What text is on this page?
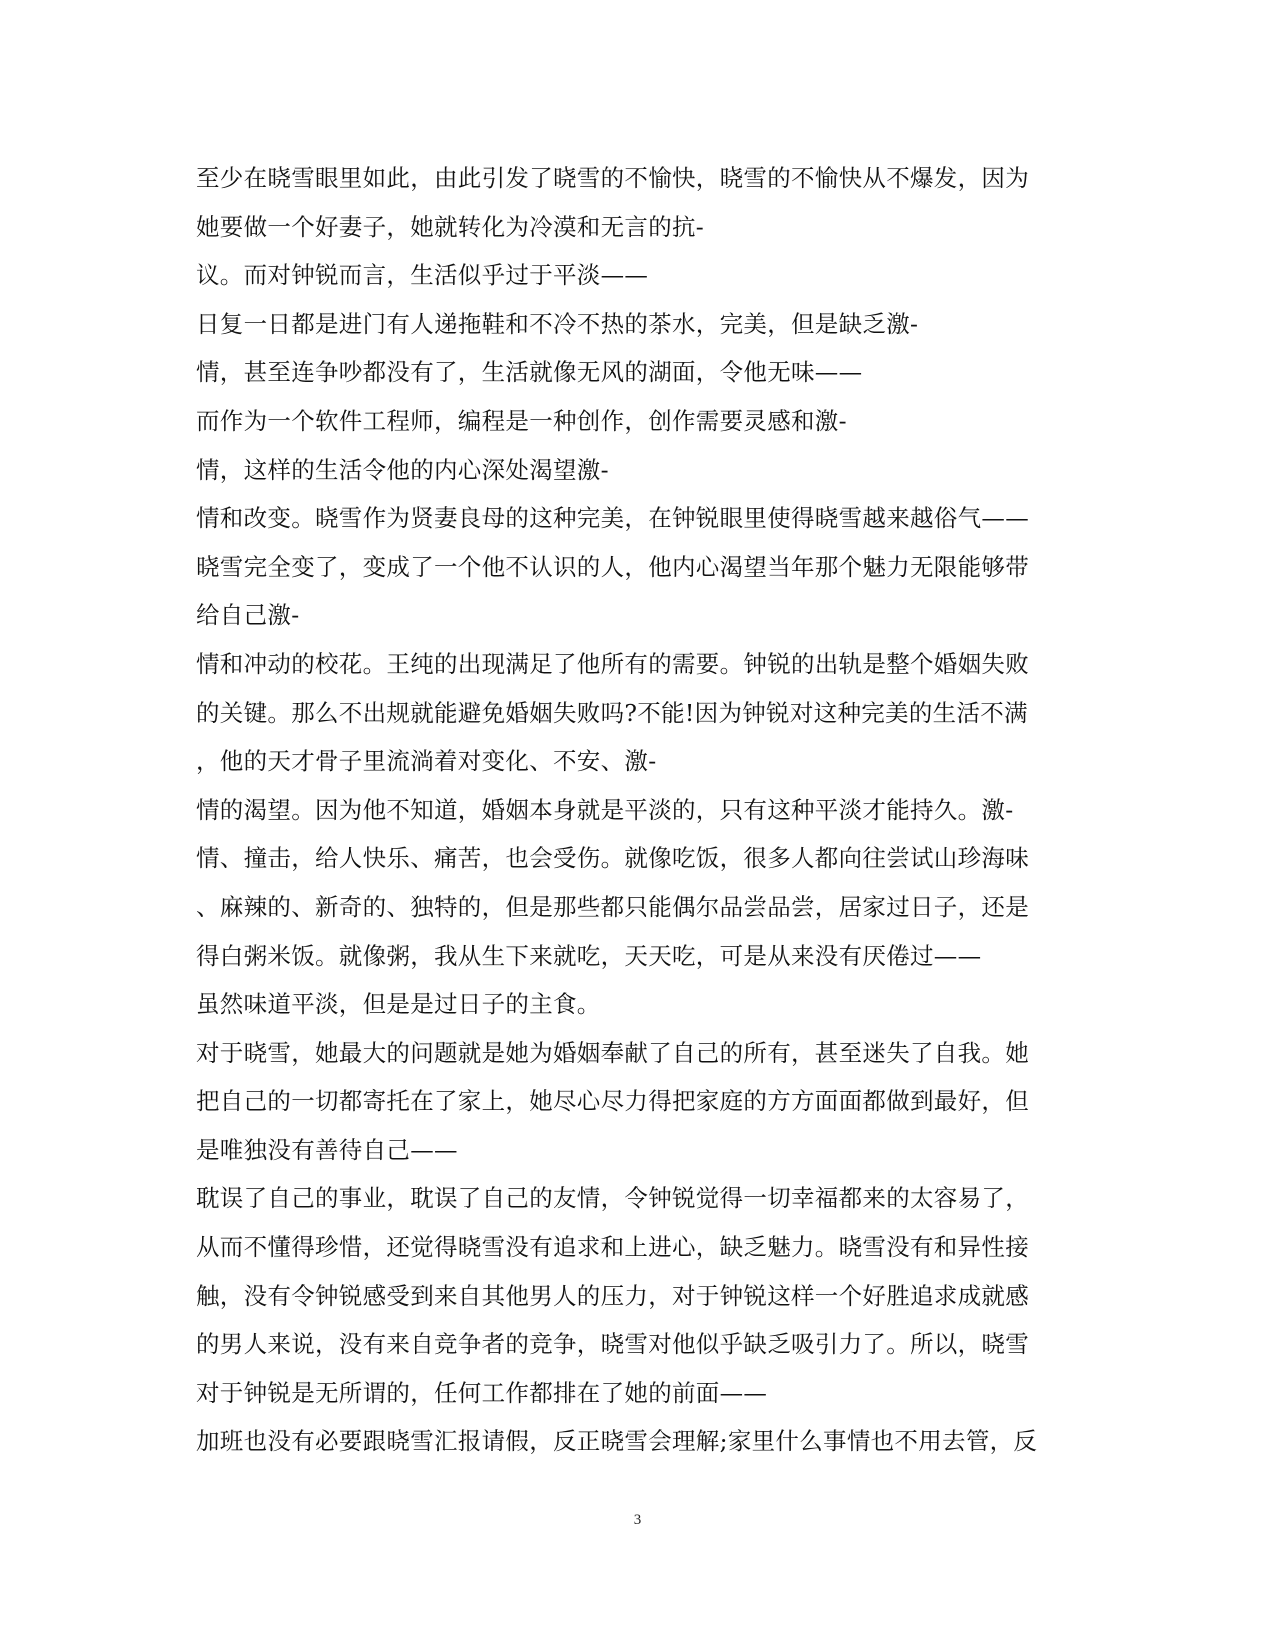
至少在晓雪眼里如此，由此引发了晓雪的不愉快，晓雪的不愉快从不爆发，因为
她要做一个好妻子，她就转化为冷漠和无言的抗-
议。而对钟锐而言，生活似乎过于平淡——
日复一日都是进门有人递拖鞋和不冷不热的茶水，完美，但是缺乏激-
情，甚至连争吵都没有了，生活就像无风的湖面，令他无味——
而作为一个软件工程师，编程是一种创作，创作需要灵感和激-
情，这样的生活令他的内心深处渴望激-
情和改变。晓雪作为贤妻良母的这种完美，在钟锐眼里使得晓雪越来越俗气——
晓雪完全变了，变成了一个他不认识的人，他内心渴望当年那个魅力无限能够带
给自己激-
情和冲动的校花。王纯的出现满足了他所有的需要。钟锐的出轨是整个婚姻失败
的关键。那么不出规就能避免婚姻失败吗?不能!因为钟锐对这种完美的生活不满
，他的天才骨子里流淌着对变化、不安、激-
情的渴望。因为他不知道，婚姻本身就是平淡的，只有这种平淡才能持久。激-
情、撞击，给人快乐、痛苦，也会受伤。就像吃饭，很多人都向往尝试山珍海味
、麻辣的、新奇的、独特的，但是那些都只能偶尔品尝品尝，居家过日子，还是
得白粥米饭。就像粥，我从生下来就吃，天天吃，可是从来没有厌倦过——
虽然味道平淡，但是是过日子的主食。
对于晓雪，她最大的问题就是她为婚姻奉献了自己的所有，甚至迷失了自我。她
把自己的一切都寄托在了家上，她尽心尽力得把家庭的方方面面都做到最好，但
是唯独没有善待自己——
耽误了自己的事业，耽误了自己的友情，令钟锐觉得一切幸福都来的太容易了，
从而不懂得珍惜，还觉得晓雪没有追求和上进心，缺乏魅力。晓雪没有和异性接
触，没有令钟锐感受到来自其他男人的压力，对于钟锐这样一个好胜追求成就感
的男人来说，没有来自竞争者的竞争，晓雪对他似乎缺乏吸引力了。所以，晓雪
对于钟锐是无所谓的，任何工作都排在了她的前面——
加班也没有必要跟晓雪汇报请假，反正晓雪会理解;家里什么事情也不用去管，反
3
